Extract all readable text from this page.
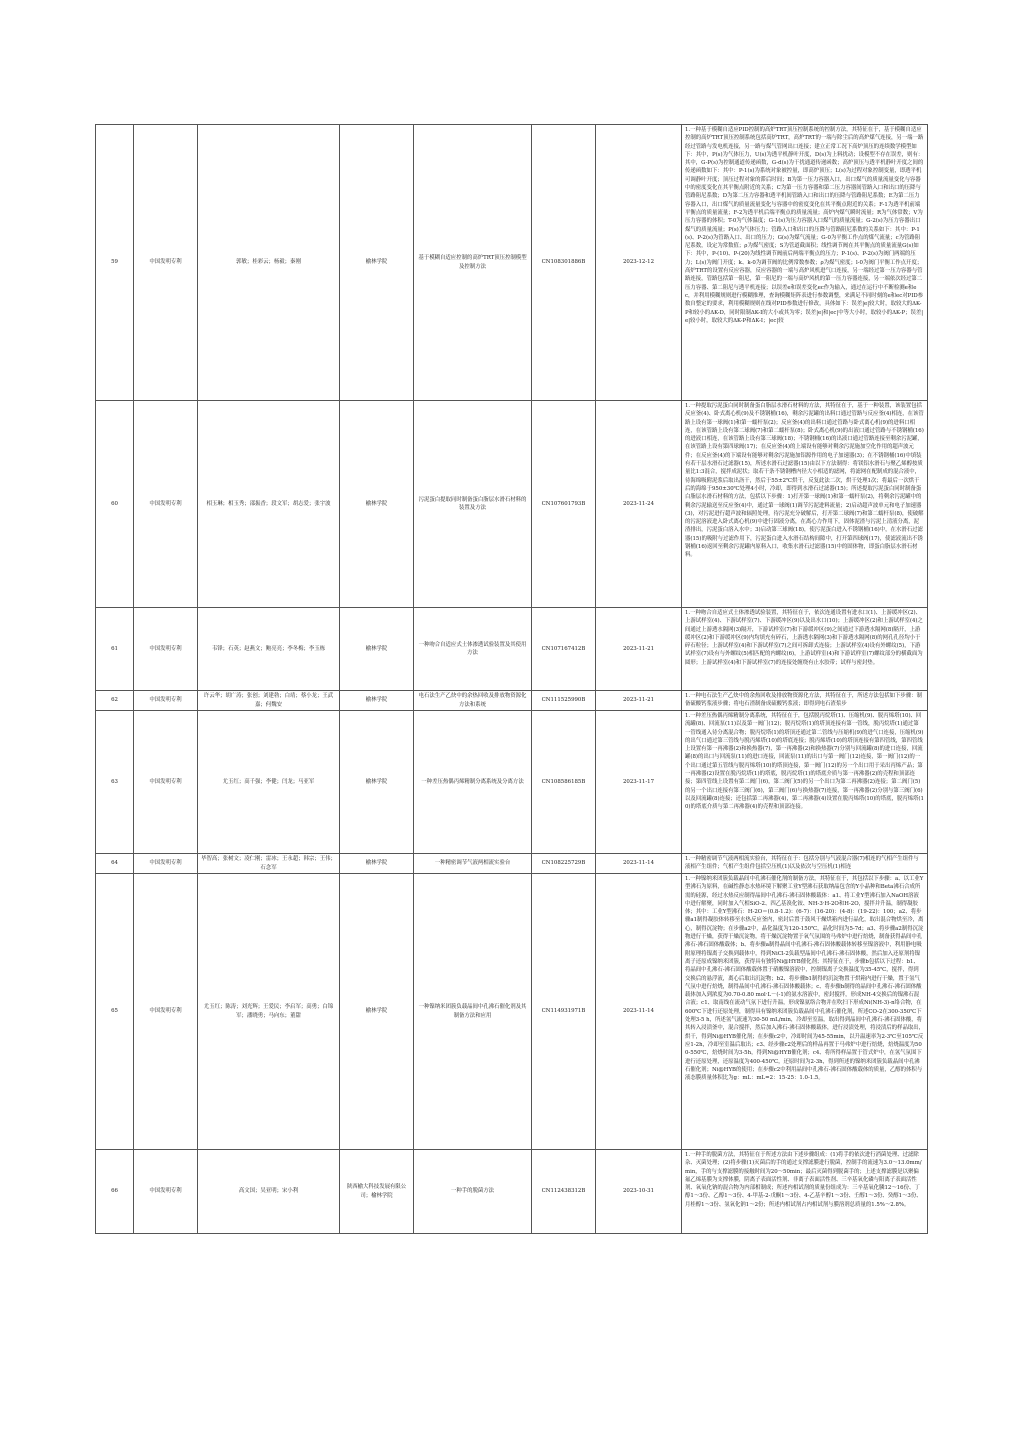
59	中国发明专利	郭敏；桂彩云；杨毅；秦刚	榆林学院	基于模糊自适应控制的高炉TRT顶压控制模型及控制方法	CN108301886B	2023-12-12	1.一种基于模糊自适应PID控制的高炉TRT顶压控制系统的控制方法，其特征在于，基于模糊自适应控制的高炉TRT顶压控制系统包括高炉TRT，高炉TRT的一端与除尘后的高炉煤气连接，另一端一路经过管路与发电机连接，另一路与煤气管网出口连接；建立正常工况下高炉顶压的连续数学模型如下：其中，P(s)为气体压力，U(s)为透平机静叶开度，D(s)为上料扰动；设模型不存在误差，则有：其中，G-P(s)为控制通道传递函数，G-d(s)为干扰通道传递函数；高炉顶压与透平机静叶开度之间的传递函数如下：其中：P-1(s)为系统对象被控量，即高炉顶压；L(s)为过程对象控制变量，即透平机可调静叶开度；顶压过程对象的滞后时间；B为第一压力容器入口，出口煤气的质量流量变化与容器中的密度变化在其平衡点附近的关系；C为第一压力容器和第二压力容器间管路入口和出口的压降与管路阻尼系数；D为第二压力容器和透平机间管路入口和出口的压降与管路阻尼系数；E为第二压力容器入口，出口煤气的质量流量变化与容器中的密度变化在其平衡点附近的关系；F-1为透平机前端平衡点的质量流量；F-2为透平机后端平衡点的质量流量；高炉内煤气瞬时流量；R为气体常数；V为压力容器的体积；T-0为气体温度；G-1(s)为压力容器入口煤气的质量流量；G-2(s)为压力容器出口煤气的质量流量；P(s)为气体压力；管路入口和出口的压降与管路阻尼系数的关系如下：其中：P-1(s)、P-2(s)为管路入口、出口的压力；G(s)为煤气流量；G-0为平衡工作点的煤气流量；c为管路阻尼系数，设定为常数值；ρ为煤气密度；S为管道截面积；线性调节阀在其平衡点的质量流量G(s)如下：其中，P-(10)、P-(20)为线性调节阀前后两端平衡点的压力；P-1(s)、P-2(s)为阀门两端的压力；L(s)为阀门开度；k、k-0为调节阀的比例常数参数；ρ为煤气密度；l-0为阀门平衡工作点开度；高炉TRT的设置有反应容器，反应容器的一端与高炉风机进气口连接，另一端经过第一压力容器与管路连接，管路包括第一阻尼，第一阻尼的一端与高炉风机的第一压力容器连接，另一端依次经过第二压力容器、第二阻尼与透平机连接；以误差e和误差变化ec作为输入，通过在运行中不断检测e和ec，并利用模糊规则进行模糊推理，查询模糊矩阵表进行参数调整，来满足不同时刻的e和ec对PID参数自整定的要求，利用模糊规则在线对PID参数进行修改，具体如下：误差|e|较大时，取较大的ΔK-P和较小的ΔK-D，同时限制ΔK-I的大小或其为零；误差|e|和|ec|中等大小时，取较小的ΔK-P；误差|e|较小时，取较大的ΔK-P和ΔK-I；|ec|较

60	中国发明专利	相玉琳；相玉秀；邵振香；段文军；胡志爱；张宇波	榆林学院	污泥蛋白提取同时制备蛋白脂层水滑石材料的装置及方法	CN107601793B	2023-11-24	1.一种提取污泥蛋白同时制备蛋白脂层水滑石材料的方法，其特征在于，基于一种装置，该装置包括反应釜(4)、卧式离心机(9)及不锈钢桶(16)，剩余污泥罐的出料口通过管路与反应釜(4)相连，在该管路上设有第一球阀(1)和第一蠕杆泵(2)；反应釜(4)的出料口通过管路与卧式离心机(9)的进料口相连，在该管路上设有第二球阀(7)和第二蠕杆泵(8)；卧式离心机(9)的出液口通过管路与不锈钢桶(16)的进液口相连，在该管路上设有第三球阀(18)；不锈钢桶(16)的出液口通过管路连接至剩余污泥罐，在该管路上设有第四球阀(17)；在反应釜(4)的上端设有能够对剩余污泥施加空化作用的超声波元件；在反应釜(4)的下端设有能够对剩余污泥施加铝源作用的电子加速器(3)；在不锈钢桶(16)中填装有若干层水滑石过滤器(15)，所述水滑石过滤器(15)由以下方法制得：将镁铝水滑石与聚乙烯醇按质量比1:3混合，搅拌成泥状；取若干条不锈钢槽内径大小相适的滤网，将滤网在配制成的混合液中，待海绵吸附泥浆后取出沥干，然后于55±2℃烘干，反复此法二次，烘干处理1次；将最后一次烘干后的海绵于950±30℃处理4小时，冷却，即得到水滑石过滤器(15)；所述提取污泥蛋白同时制备蛋白脂层水滑石材料的方法，包括以下步骤：1)打开第一球阀(1)和第一蠕杆泵(2)，将剩余污泥罐中的剩余污泥输送至反应釜(4)中，通过第一球阀(1)调节污泥进料流量；2)启动超声波单元和电子加速器(3)，对污泥进行超声波和辐照处理，待污泥充分破解后，打开第二球阀(7)和第二蠕杆泵(8)，使破解的污泥溶液进入卧式离心机(9)中进行固液分离，在离心力作用下，固体泥渣与污泥上清液分离，泥渣排出，污泥蛋白溶入水中；3)启动第三球阀(18)，使污泥蛋白进入不锈钢桶(16)中，在水滑石过滤器(15)的吸附与过滤作用下，污泥蛋白进入水滑石结构间隙中，打开第四球阀(17)，使滤液流出不锈钢桶(16)返回至剩余污泥罐内原料入口，收集水滑石过滤器(15)中的固体物，即蛋白脂层水滑石材料。

61	中国发明专利	韦锋；石英；赵燕文；鲍亮亮；李冬梅；李玉栋	榆林学院	一种吻合自适应式土体渗透试验装置及其使用方法	CN107167412B	2023-11-21	1.一种吻合自适应式土体渗透试验装置，其特征在于，依次连通设置有进水口(1)、上游缓冲区(2)、上游试样室(4)、下游试样室(7)、下游缓冲区(9)以及出水口(10)；上游缓冲区(2)和上游试样室(4)之间通过上游透水隔网(3)隔开，下游试样室(7)和下游缓冲区(9)之间通过下游透水隔网(8)隔开，上游缓冲区(2)和下游缓冲区(9)内均填充有碎石，上游透水隔网(3)和下游透水隔网(8)的网孔孔径均小于碎石粒径；上游试样室(4)和下游试样室(7)之间可拆卸式连接；上游试样室(4)设有外螺纹(5)，下游试样室(7)设有与外螺纹(5)相匹配的内螺纹(6)，上游试样室(4)和下游试样室(7)螺纹部分的横截面为圆形；上游试样室(4)和下游试样室(7)的连接处缠绕有止水胶带；试样与密封垫。

62	中国发明专利	许云华；胡广涛；张创；刘建勃；白靖；蔡小龙；王武嘉；何魏安	榆林学院	电石法生产乙炔中的余热回收及排放物资源化方法和系统	CN111525990B	2023-11-21	1.一种电石法生产乙炔中的余热回收及排放物资源化方法，其特征在于，所述方法包括如下步骤：制备硫酸钙浆液步骤；将电石渣制备成硫酸钙浆液；即得到电石渣浆步

63	中国发明专利	尤玉红；高千强；李健；闫龙；马亚军	榆林学院	一种差压热偶丙烯精制分离系统及分离方法	CN108586185B	2023-11-17	1.一种差压热偶丙烯精制分离系统，其特征在于，包括脱丙烷塔(1)、压缩机(9)、脱丙烯塔(10)、回流罐(8)、回流泵(11)以及第一阀门(12)；脱丙烷塔(1)的塔顶连接有第一管线，脱丙烷塔(1)通过第一管线通入待分离混合物；脱丙烷塔(1)的塔顶还通过第二管线与压缩机(9)的进气口连接，压缩机(9)的出气口通过第三管线与脱丙烯塔(10)的塔底连接；脱丙烯塔(10)的塔顶连接有第四管线，第四管线上设置有第一再沸器(2)和换热器(7)，第一再沸器(2)和换热器(7)分别与回流罐(8)的进口连接，回流罐(8)的出口与回流泵(11)的进口连接，回流泵(11)的出口与第一阀门(12)连接，第一阀门(12)的一个出口通过第五管线与脱丙烯塔(10)的塔顶连接，第一阀门(12)的另一个出口用于采出丙烯产品；第一再沸器(2)设置在脱丙烷塔(1)的塔底，脱丙烷塔(1)的塔底介质与第一再沸器(2)的壳程和顶部连接；第四管线上设置有第二阀门(6)，第二阀门(5)的另一个出口为第二再沸器(2)连接；第二阀门(5)的另一个出口连接有第三阀门(6)，第三阀门(6)与换热器(7)连接，第一再沸器(2)分别与第三阀门(6)以及回流罐(8)连接；还包括第二再沸器(4)，第二再沸器(4)设置在脱丙烯塔(10)的塔底，脱丙烯塔(10)的塔底介质与第二再沸器(4)的壳程和顶部连接。

64	中国发明专利	毕智高；张树文；凌仁刚；雷冰；王永超；韩宗；王伟；石念军	榆林学院	一种精密调节气液两相流实验台	CN108225729B	2023-11-14	1.一种精密调节气液两相流实验台，其特征在于：包括分别与气液混合器(7)相连的气相产生组件与液相产生组件；气相产生组件包括空压机(1)以及依次与空压机(1)相连

65	中国发明专利	尤玉红；陈涛；刘光辉；王爱民；李启军；高勇；白锦军；潘晓勇；马向东；董甜	榆林学院	一种镍纳米团簇负载晶间中孔沸石催化剂及其制备方法和应用	CN114931971B	2023-11-14	1.一种镍纳米团簇负载晶间中孔沸石催化剂的制备方法，其特征在于，其包括以下步骤：a、以工业Y型沸石为原料，在碱性静态水热环境下解聚工业Y型沸石获取纳晶包含的Y小晶种和Beta沸石合成所需的硅源，经过水热反应制得晶间中孔沸石-沸石固体酸载体：a1、将工业Y型沸石加入NaOH溶液中进行解聚，同时加入气相SiO-2、四乙基溴化铵、NH-3·H-2O和H-2O，搅拌并升温，制得凝胶体；其中：工业Y型沸石：H-2O＝(0.8-1.2)：(6-7)：(16-20)：(4-8)：(19-22)：100；a2、将步骤a1制得凝胶体转移至水热反应釜内，密封后置于鼓风干燥烘箱内进行晶化，取出混合物烘至冷，离心，制得沉淀物；在步骤a2中，晶化温度为120-150℃，晶化时间为5-7d；a3、将步骤a2制得沉淀物进行干燥，获得干燥沉淀物，将干燥沉淀物置于氧气氛围的马弗炉中进行焙烧，制备获得晶间中孔沸石-沸石固体酸载体；b、将步骤a制得晶间中孔沸石-沸石固体酸载体转移至镍溶液中，利用静电吸附原理将镍离子交换到载体中，得到NiCl-2负载型晶间中孔沸石-沸石固体酸，然后加入还原剂将镍离子还原成镍纳米团簇，获得具有独特Ni@HYB催化剂；其特征在于，步骤b包括以下过程：b1、将晶间中孔沸石-沸石固体酸载体置于硝酸镍溶液中，控制镍离子交换温度为35-45℃，搅拌，得到交换后的悬浮液，离心后取出沉淀物；b2、将步骤b1制得的沉淀物置于烘箱内进行干燥，置于氢气气氛中进行焙烧，制得晶间中孔沸石-沸石固体酸载体；c、将步骤b制得的晶间中孔沸石-沸石固体酸载体加入到浓度为0.70-0.80 mol·L－(-1)的氨水溶液中，密封搅拌，形成NH-4交换后的镍沸石混合液；c1、取南线在流动气氛下进行升温，形成镍氨络合物并在吹扫下形成Ni(NH-3)-n络合物，在600℃下进行还原处理，制得具有镍纳米团簇负载晶间中孔沸石催化剂，所述CO-2在300-350℃下处理3-5 h，所述氢气流速为30-50 mL/min，冷却至室温，取出得到晶间中孔沸石-沸石固体酸，将其转入浸渍釜中，混合搅拌，然后加入沸石-沸石固体酸载体，进行浸渍处理，将浸渍后的样品取出，烘干，得到Ni@HYB催化剂；在步骤c2中，冷却时间为45-55min，以升温速率为2-3℃至105℃反应1-2h，冷却至室温后取出；c3、经步骤c2处理后的样品再置于马弗炉中进行焙烧，焙烧温度为500-550℃，焙烧时间为3-5h，得到Ni@HYB催化剂；c4、将所得样品置于管式炉中，在氢气氛围下进行还原处理，还原温度为400-450℃，还原时间为2-3h，得到所述的镍纳米团簇负载晶间中孔沸石催化剂；Ni@HYB的使用；在步骤c2中利用晶间中孔沸石-沸石固体酸载体的质量，乙醇的体积与液态膜质量体积比为g：mL：mL=2：15-25：1.0-1.5。

66	中国发明专利	高文国；吴亚明；宋小利	陕西榆大科技发展有限公司；榆林学院	一种手的脱菌方法	CN112438312B	2023-10-31	1.一种手的脱菌方法，其特征在于所述方法由下述步骤组成：(1)将手的依次进行消菌处理、过滤除杂、灭菌处理；(2)将步骤(1)灭菌后的手的通过支撑滤膜进行脱菌，控制手的流速为3.0～13.0mm/min，手的与支撑滤膜的接触时间为20～50min；最后灭菌得到脱菌手的；上述支撑滤膜是以聚偏氟乙烯基膜为支撑体膜，阴离子表面活性剂、非离子表面活性剂、三辛基氧化磷与阳离子表面活性剂、氧氧化钠的混合物为内部相制成；所述内相试剂的质量份组成为：三辛基氧化膦12～16份、丁醇1～3份、乙醇1～3份、4-甲基-2-戊酮1～3份、4-乙基辛醇1～3份、壬醇1～3份、癸醇1～3份、月桂醇1～3份、氢氧化钠1～2份；所述内相试剂占内相试剂与膜溶剂总质量的1.5%～2.8%。
